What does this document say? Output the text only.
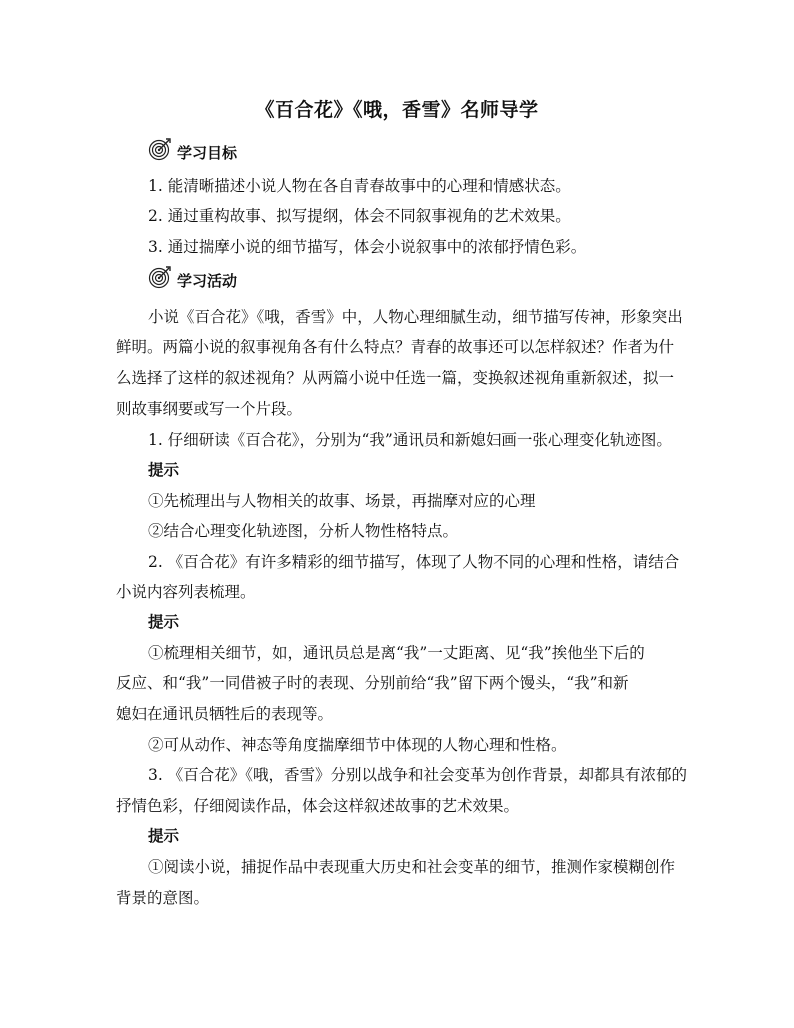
《百合花》《哦，香雪》名师导学
学习目标
1. 能清晰描述小说人物在各自青春故事中的心理和情感状态。
2. 通过重构故事、拟写提纲，体会不同叙事视角的艺术效果。
3. 通过揣摩小说的细节描写，体会小说叙事中的浓郁抒情色彩。
学习活动
小说《百合花》《哦，香雪》中，人物心理细腻生动，细节描写传神，形象突出
鲜明。两篇小说的叙事视角各有什么特点？青春的故事还可以怎样叙述？作者为什
么选择了这样的叙述视角？从两篇小说中任选一篇，变换叙述视角重新叙述，拟一
则故事纲要或写一个片段。
1. 仔细研读《百合花》，分别为“我”通讯员和新媳妇画一张心理变化轨迹图。
提示
①先梳理出与人物相关的故事、场景，再揣摩对应的心理
②结合心理变化轨迹图，分析人物性格特点。
2. 《百合花》有许多精彩的细节描写，体现了人物不同的心理和性格，请结合
小说内容列表梳理。
提示
①梳理相关细节，如，通讯员总是离“我”一丈距离、见“我”挨他坐下后的
反应、和“我”一同借被子时的表现、分别前给“我”留下两个馒头，“我”和新
媳妇在通讯员牺牲后的表现等。
②可从动作、神态等角度揣摩细节中体现的人物心理和性格。
3. 《百合花》《哦，香雪》分别以战争和社会变革为创作背景，却都具有浓郁的
抒情色彩，仔细阅读作品，体会这样叙述故事的艺术效果。
提示
①阅读小说，捕捉作品中表现重大历史和社会变革的细节，推测作家模糊创作
背景的意图。
